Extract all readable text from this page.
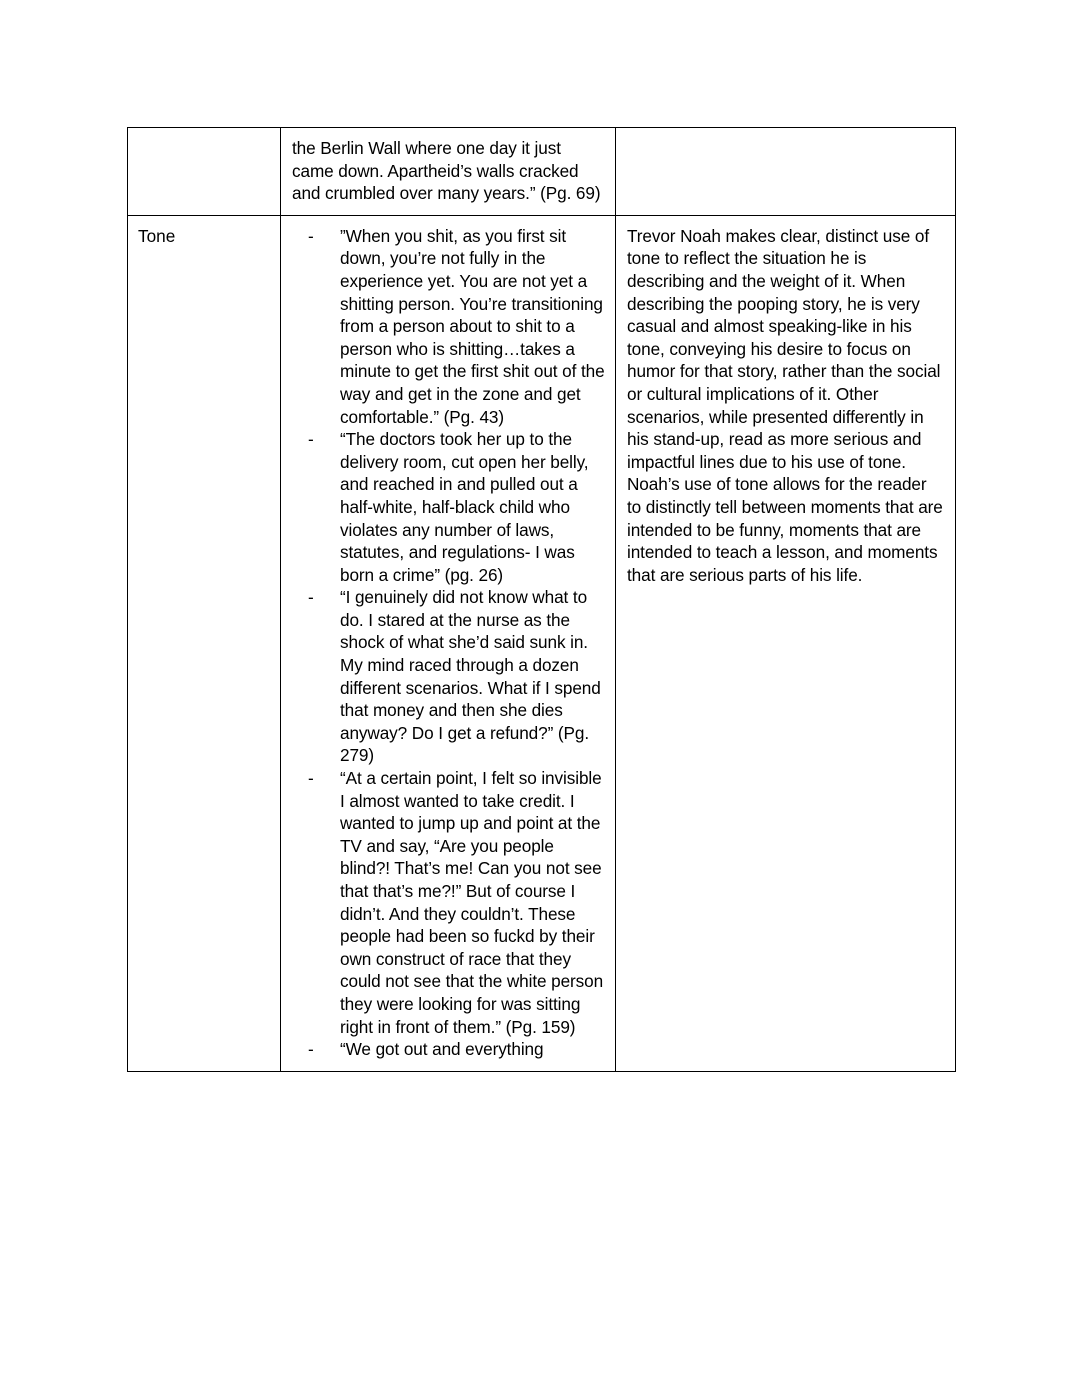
	the Berlin Wall where one day it just came down. Apartheid’s walls cracked and crumbled over many years.” (Pg. 69)	

Tone

-”When you shit, as you first sit down, you’re not fully in the experience yet. You are not yet a shitting person. You’re transitioning from a person about to shit to a person who is shitting…takes a minute to get the first shit out of the way and get in the zone and get comfortable.” (Pg. 43)
- “The doctors took her up to the delivery room, cut open her belly, and reached in and pulled out a half-white, half-black child who violates any number of laws, statutes, and regulations- I was born a crime” (pg. 26)
- “I genuinely did not know what to do. I stared at the nurse as the shock of what she’d said sunk in. My mind raced through a dozen different scenarios. What if I spend that money and then she dies anyway? Do I get a refund?” (Pg. 279)
- “At a certain point, I felt so invisible I almost wanted to take credit. I wanted to jump up and point at the TV and say, “Are you people blind?! That’s me! Can you not see that that’s me?!” But of course I didn’t. And they couldn’t. These people had been so fuckd by their own construct of race that they could not see that the white person they were looking for was sitting right in front of them.” (Pg. 159)
- “We got out and everything

Trevor Noah makes clear, distinct use of tone to reflect the situation he is describing and the weight of it. When describing the pooping story, he is very casual and almost speaking-like in his tone, conveying his desire to focus on humor for that story, rather than the social or cultural implications of it. Other scenarios, while presented differently in his stand-up, read as more serious and impactful lines due to his use of tone. Noah’s use of tone allows for the reader to distinctly tell between moments that are intended to be funny, moments that are intended to teach a lesson, and moments that are serious parts of his life.
